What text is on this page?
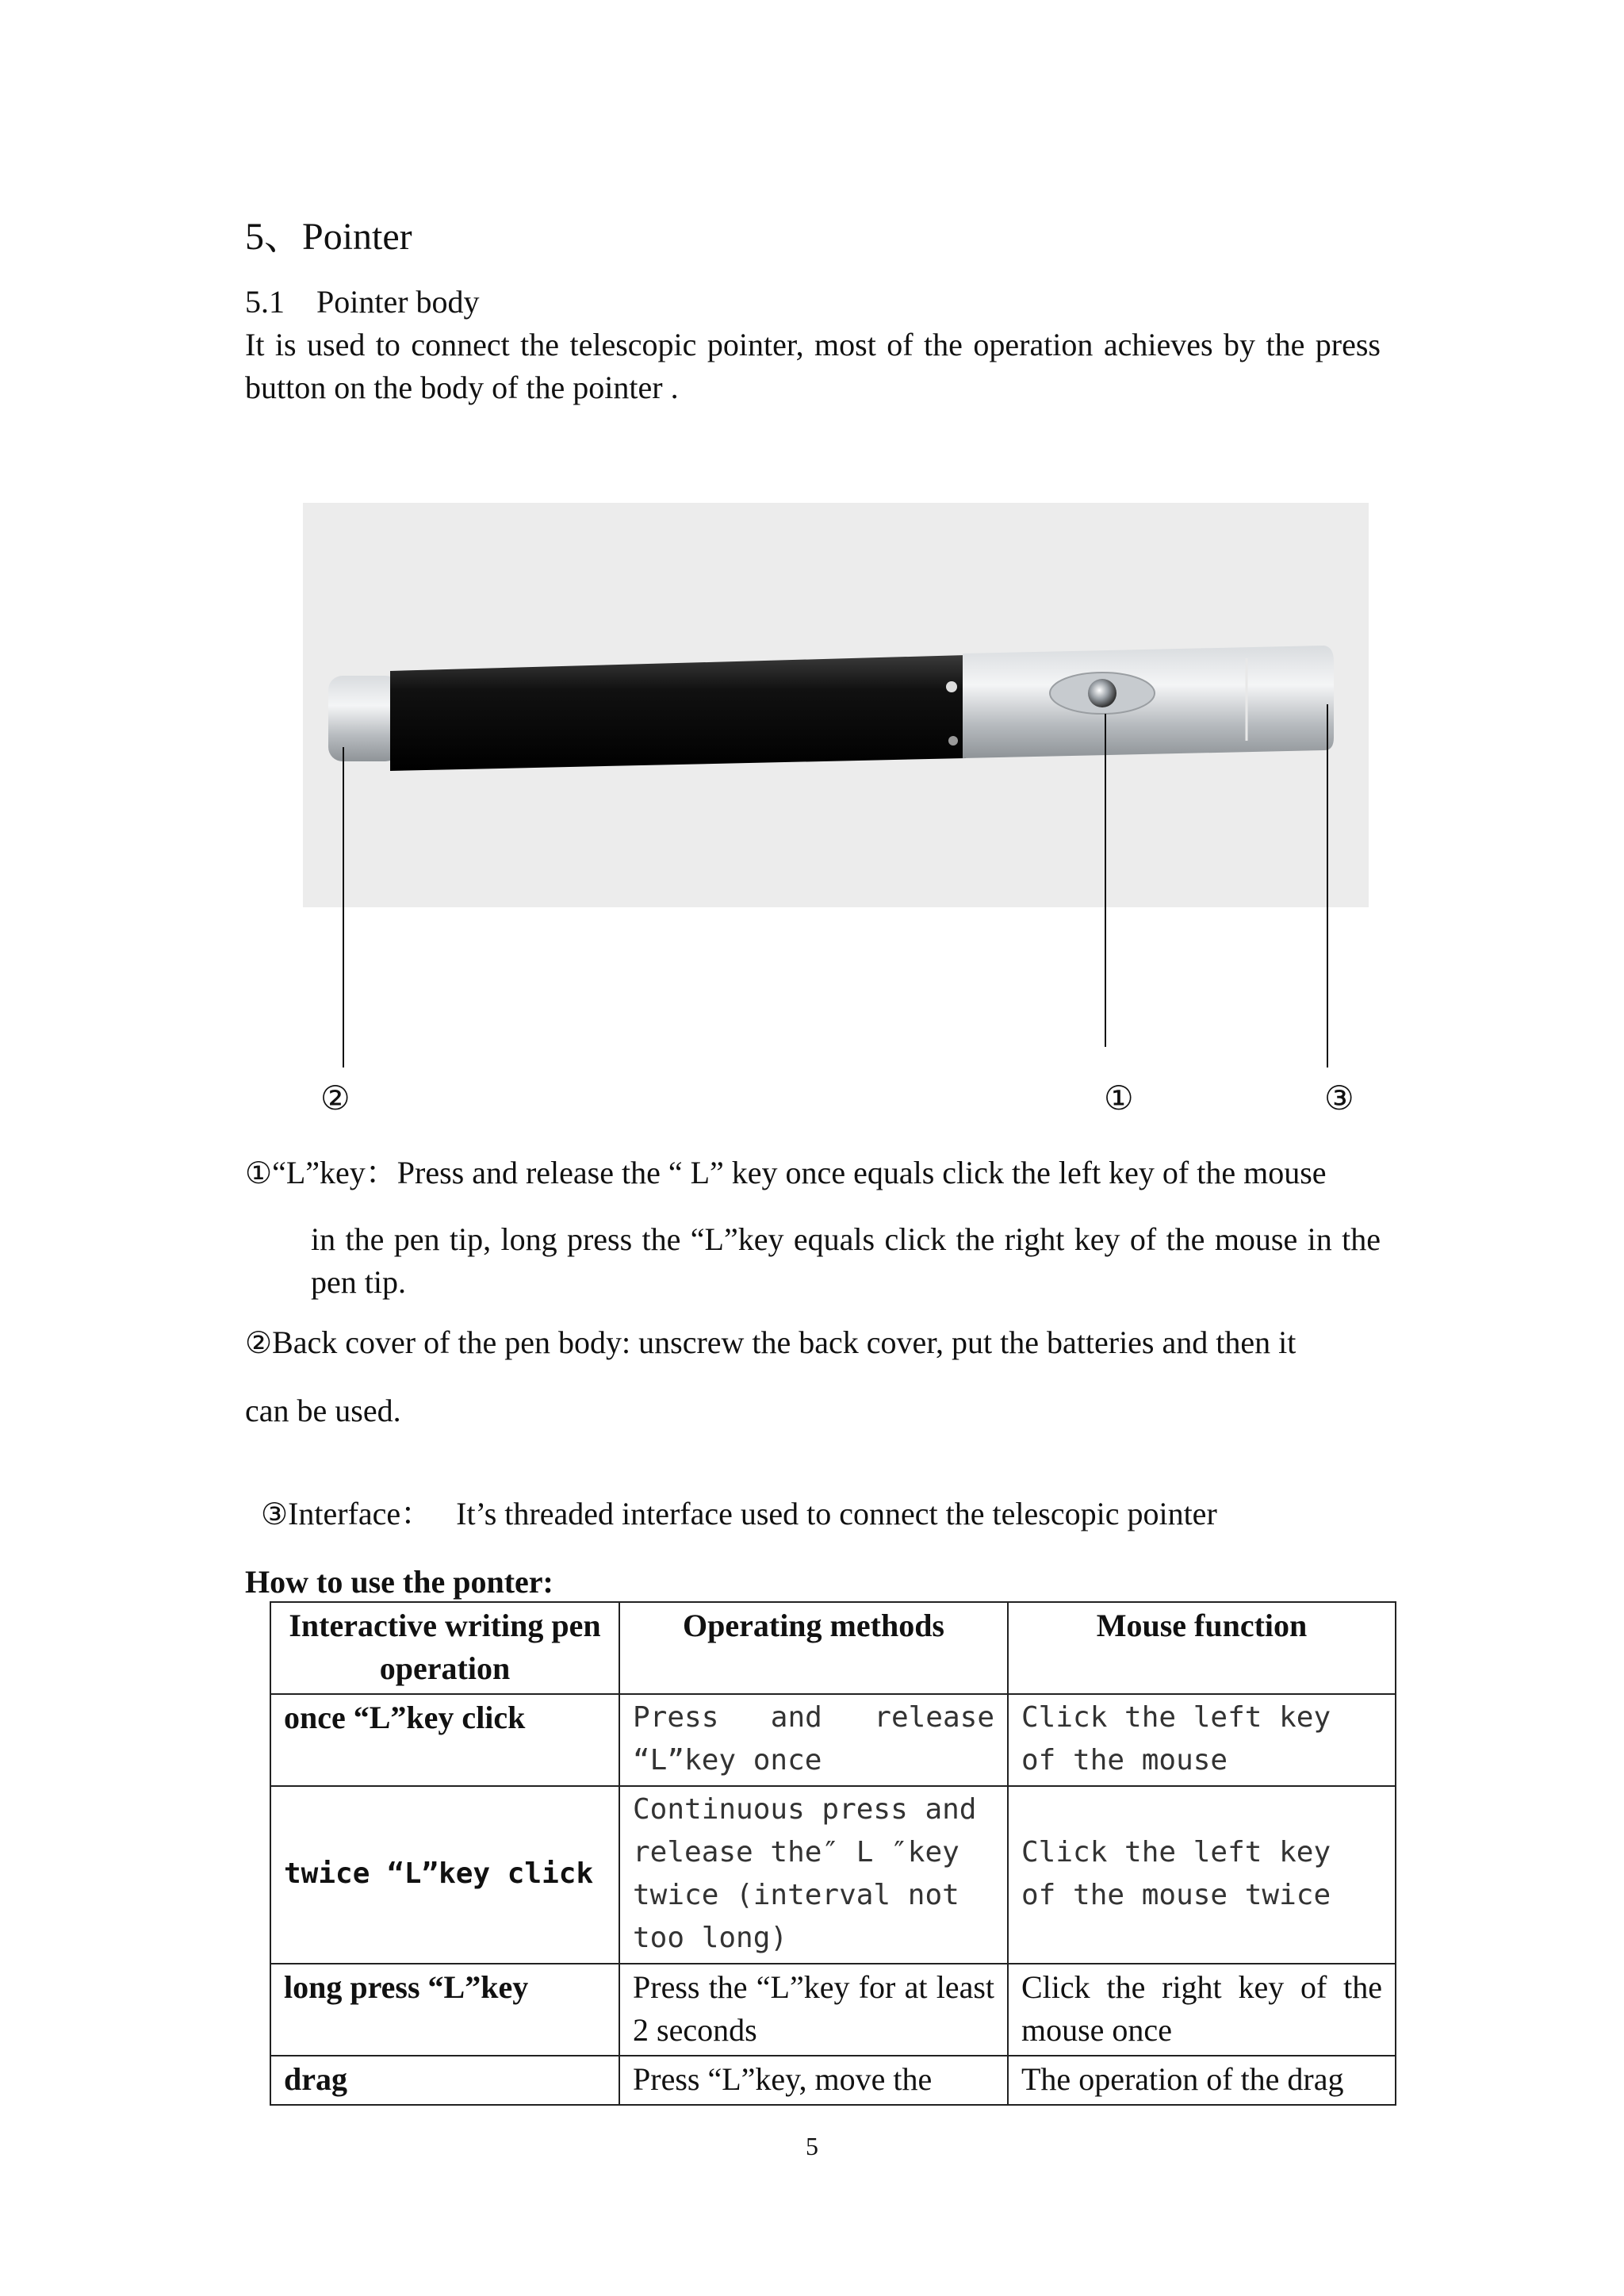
5、Pointer
5.1    Pointer body
It is used to connect the telescopic pointer, most of the operation achieves by the press button on the body of the pointer .
②	①	③
①“L”key：Press and release the “ L” key once equals click the left key of the mouse
in the pen tip, long press the “L”key equals click the right key of the mouse in the pen tip.
②Back cover of the pen body: unscrew the back cover, put the batteries and then it
can be used.

③Interface：   It’s threaded interface used to connect the telescopic pointer

How to use the ponter:
Interactive writing pen operation	Operating methods	Mouse function
once “L”key click	Press and release “L”key once	Click the left key of the mouse
twice “L”key click	Continuous press and release the″ L ″key twice (interval not too long)	Click the left key of the mouse twice
long press “L”key	Press the “L”key for at least 2 seconds	Click the right key of the mouse once
drag	Press “L”key, move the	The operation of the drag
5
